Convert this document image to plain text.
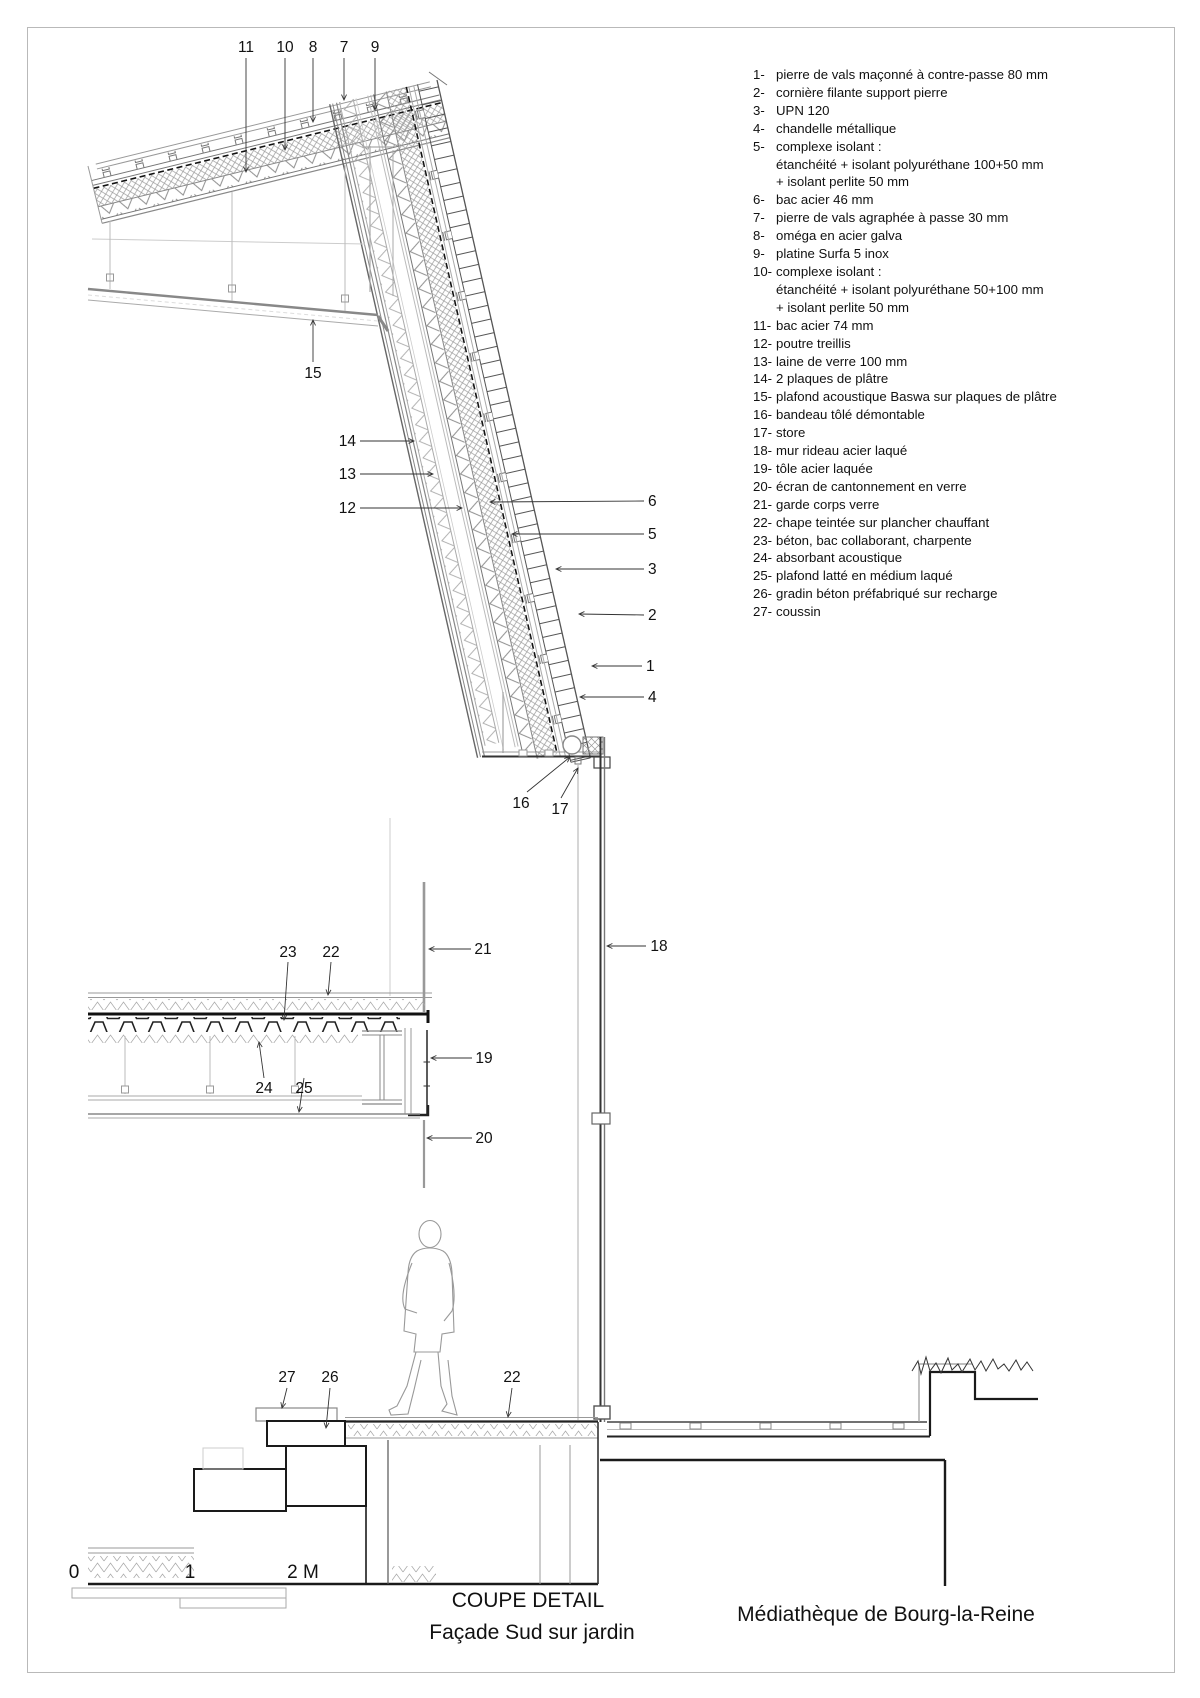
11 10 8 7 9
15
14
13
12	6
5
3
2
1
4
16 17
23 22	21	18
19
20
24 25
27 26	22
0	1	2 M
COUPE DETAIL
Façade Sud sur jardin
Médiathèque de Bourg-la-Reine
1- pierre de vals maçonné à contre-passe 80 mm
2- cornière filante support pierre
3- UPN 120
4- chandelle métallique
5- complexe isolant :
étanchéité + isolant polyuréthane 100+50 mm
+ isolant perlite 50 mm
6- bac acier 46 mm
7- pierre de vals agraphée à passe 30 mm
8- oméga en acier galva
9- platine Surfa 5 inox
10- complexe isolant :
étanchéité + isolant polyuréthane 50+100 mm
+ isolant perlite 50 mm
11- bac acier 74 mm
12- poutre treillis
13- laine de verre 100 mm
14- 2 plaques de plâtre
15- plafond acoustique Baswa sur plaques de plâtre
16- bandeau tôlé démontable
17- store
18- mur rideau acier laqué
19- tôle acier laquée
20- écran de cantonnement en verre
21- garde corps verre
22- chape teintée sur plancher chauffant
23- béton, bac collaborant, charpente
24- absorbant acoustique
25- plafond latté en médium laqué
26- gradin béton préfabriqué sur recharge
27- coussin
